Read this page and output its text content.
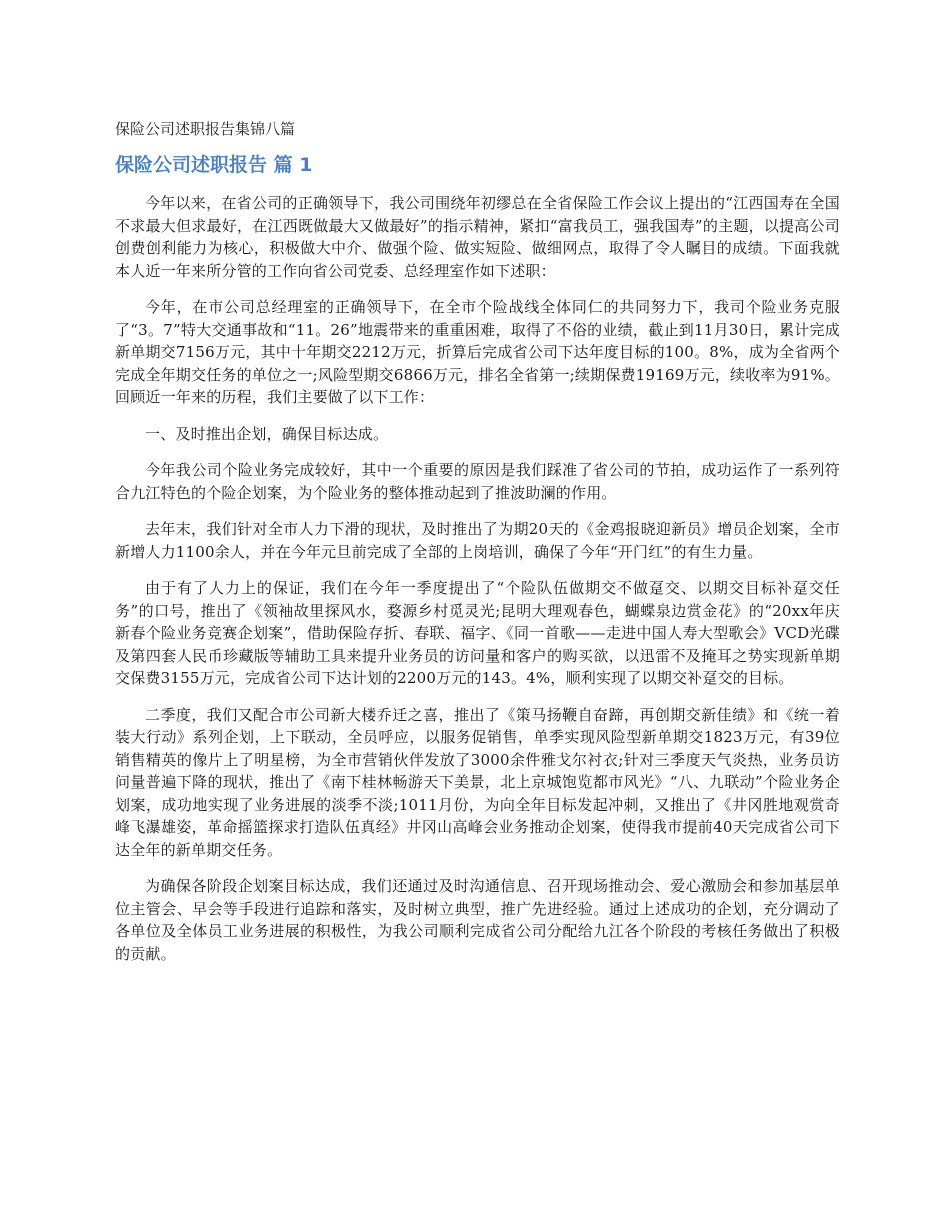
保险公司述职报告集锦八篇
保险公司述职报告 篇 1

今年以来，在省公司的正确领导下，我公司围绕年初缪总在全省保险工作会议上提出的“江西国寿在全国不求最大但求最好，在江西既做最大又做最好”的指示精神，紧扣“富我员工，强我国寿”的主题，以提高公司创费创利能力为核心，积极做大中介、做强个险、做实短险、做细网点，取得了令人瞩目的成绩。下面我就本人近一年来所分管的工作向省公司党委、总经理室作如下述职：

今年，在市公司总经理室的正确领导下，在全市个险战线全体同仁的共同努力下，我司个险业务克服了“3。7”特大交通事故和“11。26”地震带来的重重困难，取得了不俗的业绩，截止到11月30日，累计完成新单期交7156万元，其中十年期交2212万元，折算后完成省公司下达年度目标的100。8%，成为全省两个完成全年期交任务的单位之一;风险型期交6866万元，排名全省第一;续期保费19169万元，续收率为91%。回顾近一年来的历程，我们主要做了以下工作：

一、及时推出企划，确保目标达成。

今年我公司个险业务完成较好，其中一个重要的原因是我们踩准了省公司的节拍，成功运作了一系列符合九江特色的个险企划案，为个险业务的整体推动起到了推波助澜的作用。

去年末，我们针对全市人力下滑的现状，及时推出了为期20天的《金鸡报晓迎新员》增员企划案，全市新增人力1100余人，并在今年元旦前完成了全部的上岗培训，确保了今年“开门红”的有生力量。

由于有了人力上的保证，我们在今年一季度提出了“个险队伍做期交不做趸交、以期交目标补趸交任务”的口号，推出了《领袖故里探风水，婺源乡村觅灵光;昆明大理观春色，蝴蝶泉边赏金花》的“20xx年庆新春个险业务竞赛企划案”，借助保险存折、春联、福字、《同一首歌——走进中国人寿大型歌会》VCD光碟及第四套人民币珍藏版等辅助工具来提升业务员的访问量和客户的购买欲，以迅雷不及掩耳之势实现新单期交保费3155万元，完成省公司下达计划的2200万元的143。4%，顺利实现了以期交补趸交的目标。

二季度，我们又配合市公司新大楼乔迁之喜，推出了《策马扬鞭自奋蹄，再创期交新佳绩》和《统一着装大行动》系列企划，上下联动，全员呼应，以服务促销售，单季实现风险型新单期交1823万元，有39位销售精英的像片上了明星榜，为全市营销伙伴发放了3000余件雅戈尔衬衣;针对三季度天气炎热，业务员访问量普遍下降的现状，推出了《南下桂林畅游天下美景，北上京城饱览都市风光》“八、九联动”个险业务企划案，成功地实现了业务进展的淡季不淡;1011月份，为向全年目标发起冲刺，又推出了《井冈胜地观赏奇峰飞瀑雄姿，革命摇篮探求打造队伍真经》井冈山高峰会业务推动企划案，使得我市提前40天完成省公司下达全年的新单期交任务。

为确保各阶段企划案目标达成，我们还通过及时沟通信息、召开现场推动会、爱心激励会和参加基层单位主管会、早会等手段进行追踪和落实，及时树立典型，推广先进经验。通过上述成功的企划，充分调动了各单位及全体员工业务进展的积极性，为我公司顺利完成省公司分配给九江各个阶段的考核任务做出了积极的贡献。
